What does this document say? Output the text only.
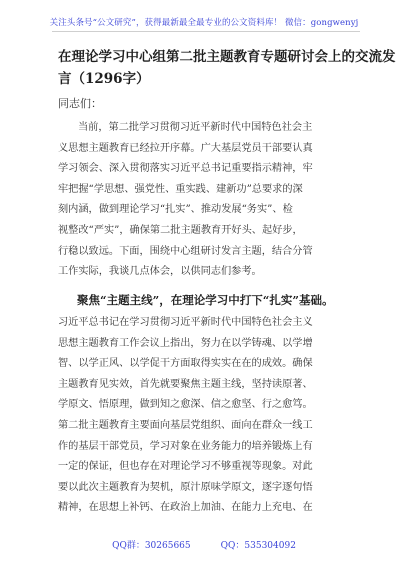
关注头条号“公文研究”，获得最新最全最专业的公文资料库！ 微信：gongwenyj
在理论学习中心组第二批主题教育专题研讨会上的交流发
言（1296字）
同志们：
当前，第二批学习贯彻习近平新时代中国特色社会主
义思想主题教育已经拉开序幕。广大基层党员干部要认真
学习领会、深入贯彻落实习近平总书记重要指示精神，牢
牢把握“学思想、强党性、重实践、建新功”总要求的深
刻内涵，做到理论学习“扎实”、推动发展“务实”、检
视整改“严实”，确保第二批主题教育开好头、起好步，
行稳以致远。下面，围绕中心组研讨发言主题，结合分管
工作实际，我谈几点体会，以供同志们参考。
聚焦“主题主线”，在理论学习中打下“扎实”基础。
习近平总书记在学习贯彻习近平新时代中国特色社会主义
思想主题教育工作会议上指出，努力在以学铸魂、以学增
智、以学正风、以学促干方面取得实实在在的成效。确保
主题教育见实效，首先就要聚焦主题主线，坚持读原著、
学原文、悟原理，做到知之愈深、信之愈坚、行之愈笃。
第二批主题教育主要面向基层党组织、面向在群众一线工
作的基层干部党员，学习对象在业务能力的培养锻炼上有
一定的保证，但也存在对理论学习不够重视等现象。对此
要以此次主题教育为契机，原汁原味学原文，逐字逐句悟
精神，在思想上补钙、在政治上加油、在能力上充电、在
QQ群：30265665	QQ：535304092
